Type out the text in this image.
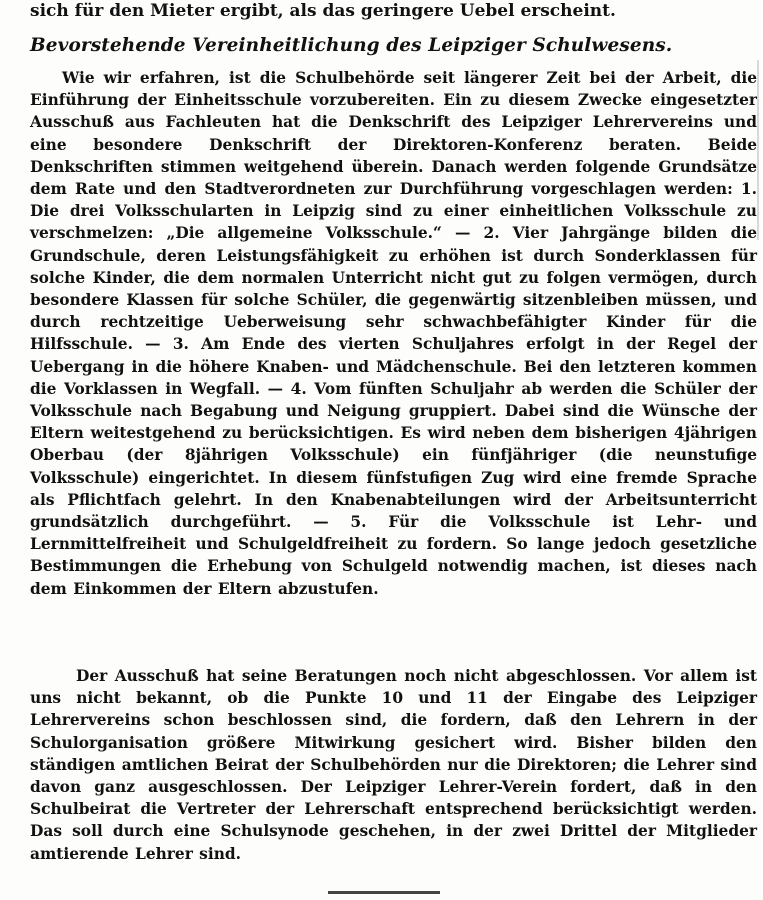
sich für den Mieter ergibt, als das geringere Uebel erscheint.
Bevorstehende Vereinheitlichung des Leipziger Schulwesens.
Wie wir erfahren, ist die Schulbehörde seit längerer Zeit bei der Arbeit, die Einführung der Einheitsschule vorzubereiten. Ein zu diesem Zwecke eingesetzter Ausschuß aus Fachleuten hat die Denkschrift des Leipziger Lehrervereins und eine besondere Denkschrift der Direktoren-Konferenz beraten. Beide Denkschriften stimmen weitgehend überein. Danach werden folgende Grundsätze dem Rate und den Stadtverordneten zur Durchführung vorgeschlagen werden: 1. Die drei Volksschularten in Leipzig sind zu einer einheitlichen Volksschule zu verschmelzen: „Die allgemeine Volksschule.“ — 2. Vier Jahrgänge bilden die Grundschule, deren Leistungsfähigkeit zu erhöhen ist durch Sonderklassen für solche Kinder, die dem normalen Unterricht nicht gut zu folgen vermögen, durch besondere Klassen für solche Schüler, die gegenwärtig sitzenbleiben müssen, und durch rechtzeitige Ueberweisung sehr schwachbefähigter Kinder für die Hilfsschule. — 3. Am Ende des vierten Schuljahres erfolgt in der Regel der Uebergang in die höhere Knaben- und Mädchenschule. Bei den letzteren kommen die Vorklassen in Wegfall. — 4. Vom fünften Schuljahr ab werden die Schüler der Volksschule nach Begabung und Neigung gruppiert. Dabei sind die Wünsche der Eltern weitestgehend zu berücksichtigen. Es wird neben dem bisherigen 4jährigen Oberbau (der 8jährigen Volksschule) ein fünfjähriger (die neunstufige Volksschule) eingerichtet. In diesem fünfstufigen Zug wird eine fremde Sprache als Pflichtfach gelehrt. In den Knabenabteilungen wird der Arbeitsunterricht grundsätzlich durchgeführt. — 5. Für die Volksschule ist Lehr- und Lernmittelfreiheit und Schulgeldfreiheit zu fordern. So lange jedoch gesetzliche Bestimmungen die Erhebung von Schulgeld notwendig machen, ist dieses nach dem Einkommen der Eltern abzustufen.
Der Ausschuß hat seine Beratungen noch nicht abgeschlossen. Vor allem ist uns nicht bekannt, ob die Punkte 10 und 11 der Eingabe des Leipziger Lehrervereins schon beschlossen sind, die fordern, daß den Lehrern in der Schulorganisation größere Mitwirkung gesichert wird. Bisher bilden den ständigen amtlichen Beirat der Schulbehörden nur die Direktoren; die Lehrer sind davon ganz ausgeschlossen. Der Leipziger Lehrer-Verein fordert, daß in den Schulbeirat die Vertreter der Lehrerschaft entsprechend berücksichtigt werden. Das soll durch eine Schulsynode geschehen, in der zwei Drittel der Mitglieder amtierende Lehrer sind.
